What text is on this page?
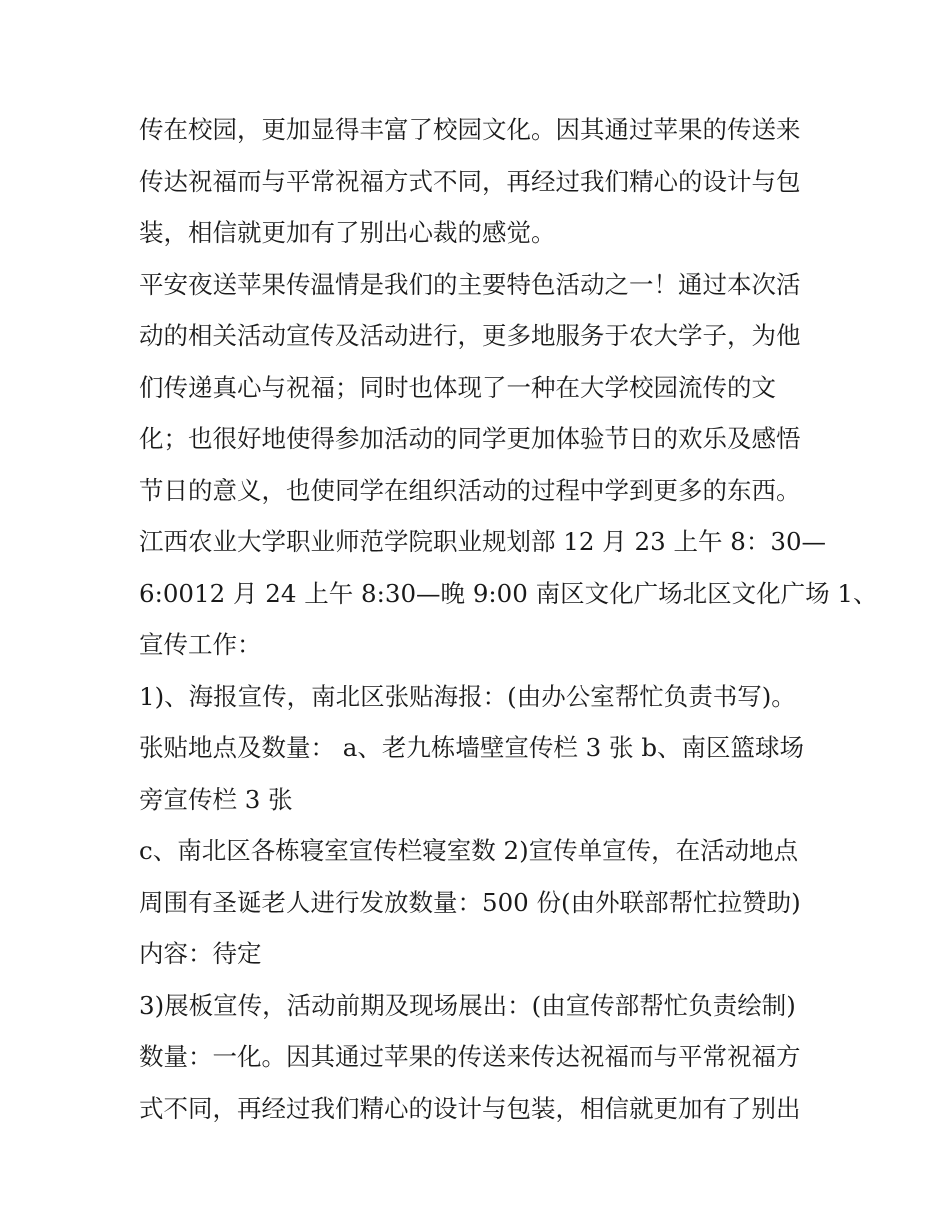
传在校园，更加显得丰富了校园文化。因其通过苹果的传送来
传达祝福而与平常祝福方式不同，再经过我们精心的设计与包
装，相信就更加有了别出心裁的感觉。
平安夜送苹果传温情是我们的主要特色活动之一！通过本次活
动的相关活动宣传及活动进行，更多地服务于农大学子，为他
们传递真心与祝福；同时也体现了一种在大学校园流传的文
化；也很好地使得参加活动的同学更加体验节日的欢乐及感悟
节日的意义，也使同学在组织活动的过程中学到更多的东西。
江西农业大学职业师范学院职业规划部 12 月 23 上午 8：30—
6:0012 月 24 上午 8:30—晚 9:00 南区文化广场北区文化广场 1、
宣传工作：
1)、海报宣传，南北区张贴海报：(由办公室帮忙负责书写)。
张贴地点及数量： a、老九栋墙壁宣传栏 3 张 b、南区篮球场
旁宣传栏 3 张
c、南北区各栋寝室宣传栏寝室数 2)宣传单宣传，在活动地点
周围有圣诞老人进行发放数量：500 份(由外联部帮忙拉赞助)
内容：待定
3)展板宣传，活动前期及现场展出：(由宣传部帮忙负责绘制)
数量：一化。因其通过苹果的传送来传达祝福而与平常祝福方
式不同，再经过我们精心的设计与包装，相信就更加有了别出
